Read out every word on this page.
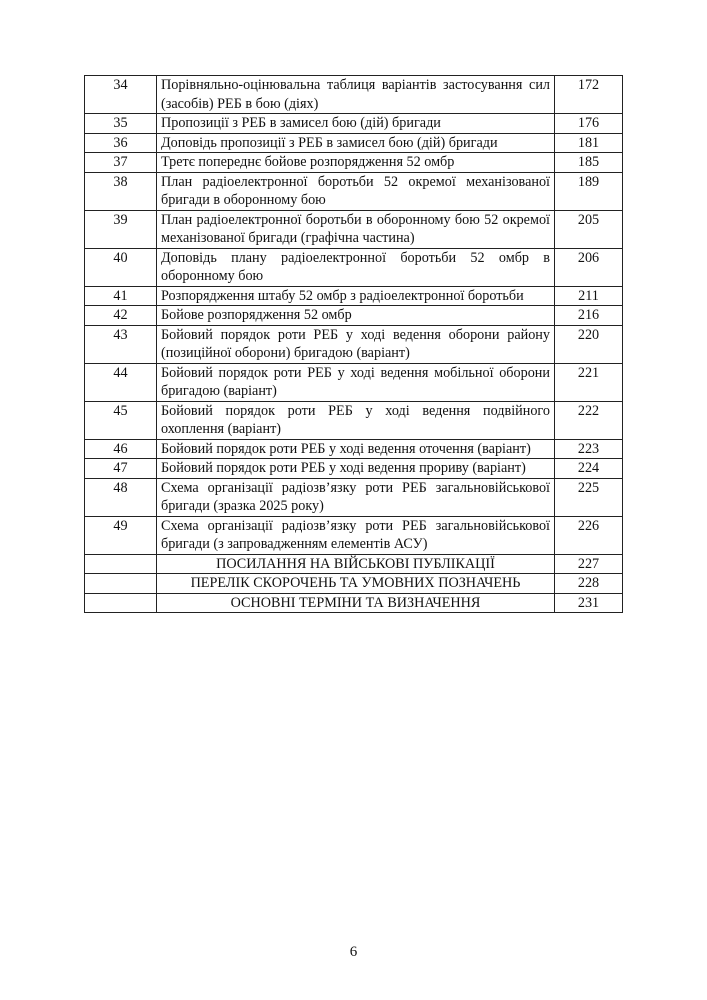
34	Порівняльно-оцінювальна таблиця варіантів застосування сил (засобів) РЕБ в бою (діях)	172
35	Пропозиції з РЕБ в замисел бою (дій) бригади	176
36	Доповідь пропозиції з РЕБ в замисел бою (дій) бригади	181
37	Третє попереднє бойове розпорядження 52 омбр	185
38	План радіоелектронної боротьби 52 окремої механізованої бригади в оборонному бою	189
39	План радіоелектронної боротьби в оборонному бою 52 окремої механізованої бригади (графічна частина)	205
40	Доповідь плану радіоелектронної боротьби 52 омбр в оборонному бою	206
41	Розпорядження штабу 52 омбр з радіоелектронної боротьби	211
42	Бойове розпорядження 52 омбр	216
43	Бойовий порядок роти РЕБ у ході ведення оборони району (позиційної оборони) бригадою (варіант)	220
44	Бойовий порядок роти РЕБ у ході ведення мобільної оборони бригадою (варіант)	221
45	Бойовий порядок роти РЕБ у ході ведення подвійного охоплення (варіант)	222
46	Бойовий порядок роти РЕБ у ході ведення оточення (варіант)	223
47	Бойовий порядок роти РЕБ у ході ведення прориву (варіант)	224
48	Схема організації радіозв’язку роти РЕБ загальновійськової бригади (зразка 2025 року)	225
49	Схема організації радіозв’язку роти РЕБ загальновійськової бригади (з запровадженням елементів АСУ)	226
	ПОСИЛАННЯ НА ВІЙСЬКОВІ ПУБЛІКАЦІЇ	227
	ПЕРЕЛІК СКОРОЧЕНЬ ТА УМОВНИХ ПОЗНАЧЕНЬ	228
	ОСНОВНІ ТЕРМІНИ ТА ВИЗНАЧЕННЯ	231
6
